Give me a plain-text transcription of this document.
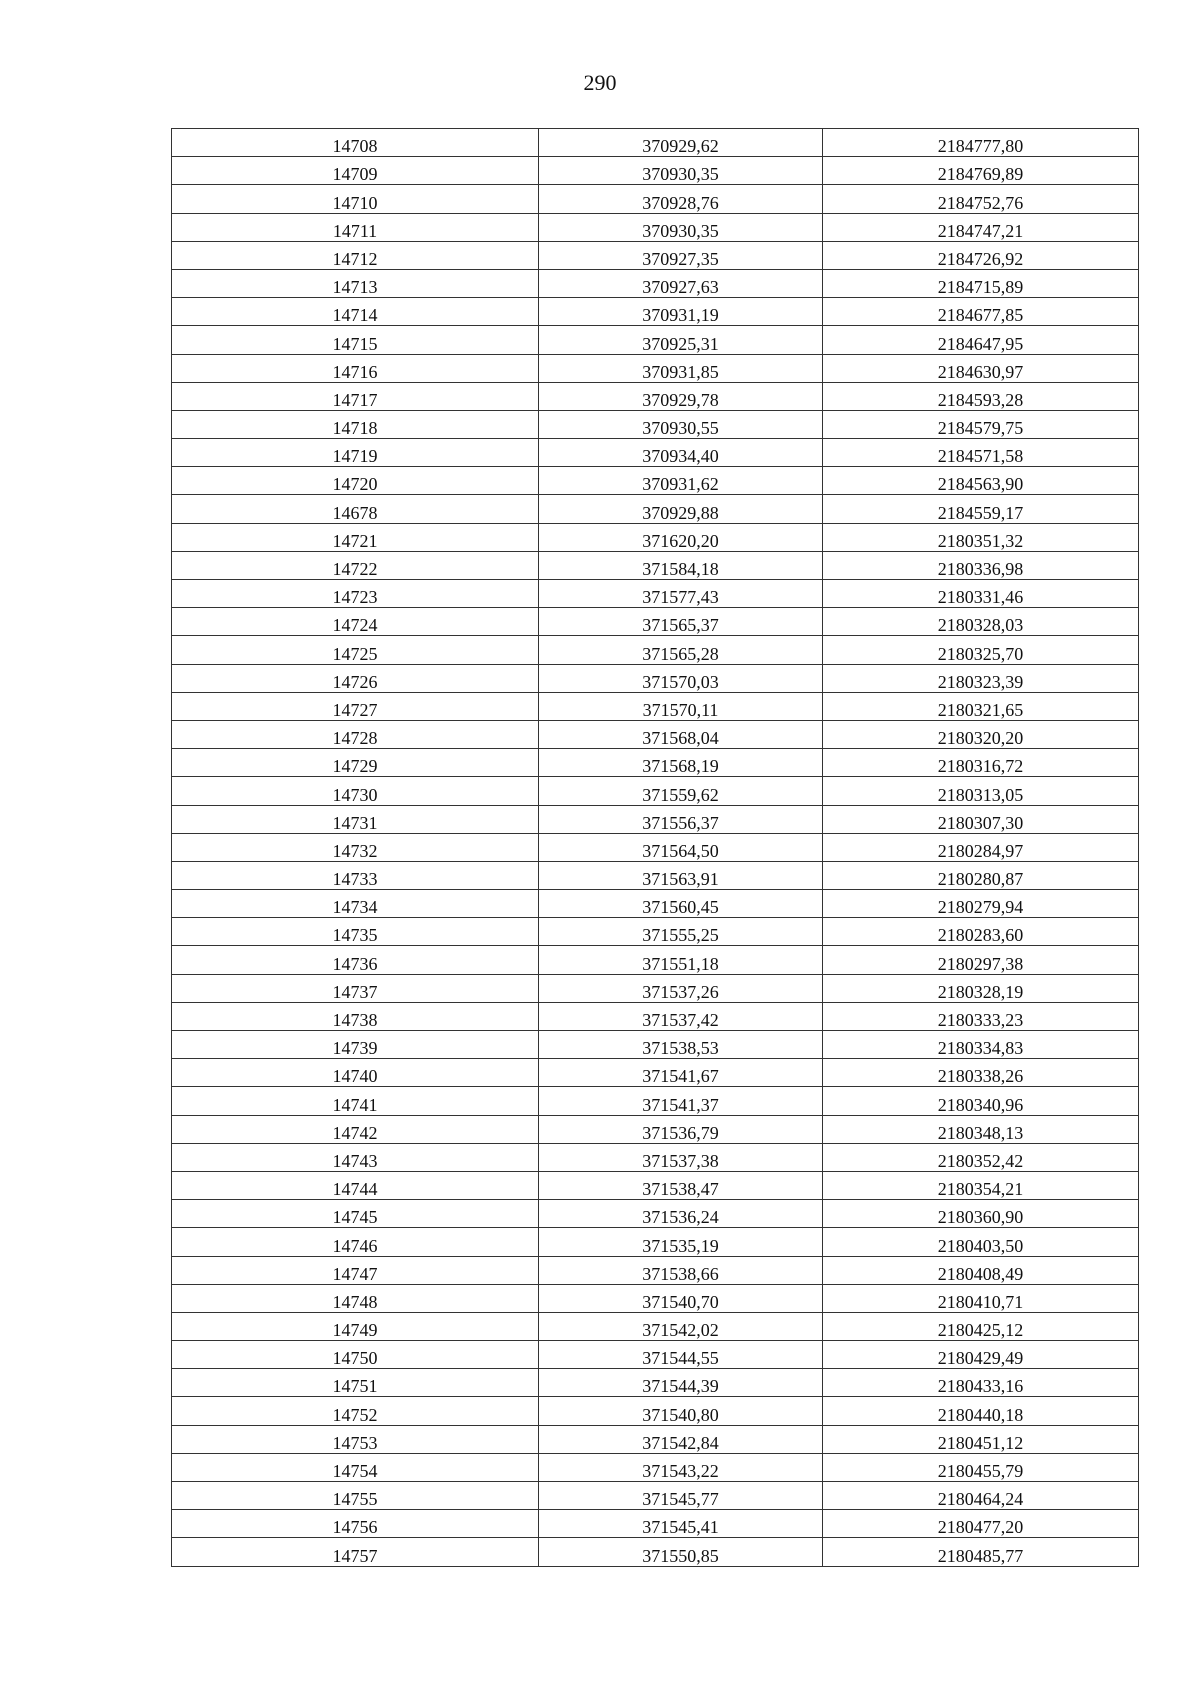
290
14708	370929,62	2184777,80
14709	370930,35	2184769,89
14710	370928,76	2184752,76
14711	370930,35	2184747,21
14712	370927,35	2184726,92
14713	370927,63	2184715,89
14714	370931,19	2184677,85
14715	370925,31	2184647,95
14716	370931,85	2184630,97
14717	370929,78	2184593,28
14718	370930,55	2184579,75
14719	370934,40	2184571,58
14720	370931,62	2184563,90
14678	370929,88	2184559,17
14721	371620,20	2180351,32
14722	371584,18	2180336,98
14723	371577,43	2180331,46
14724	371565,37	2180328,03
14725	371565,28	2180325,70
14726	371570,03	2180323,39
14727	371570,11	2180321,65
14728	371568,04	2180320,20
14729	371568,19	2180316,72
14730	371559,62	2180313,05
14731	371556,37	2180307,30
14732	371564,50	2180284,97
14733	371563,91	2180280,87
14734	371560,45	2180279,94
14735	371555,25	2180283,60
14736	371551,18	2180297,38
14737	371537,26	2180328,19
14738	371537,42	2180333,23
14739	371538,53	2180334,83
14740	371541,67	2180338,26
14741	371541,37	2180340,96
14742	371536,79	2180348,13
14743	371537,38	2180352,42
14744	371538,47	2180354,21
14745	371536,24	2180360,90
14746	371535,19	2180403,50
14747	371538,66	2180408,49
14748	371540,70	2180410,71
14749	371542,02	2180425,12
14750	371544,55	2180429,49
14751	371544,39	2180433,16
14752	371540,80	2180440,18
14753	371542,84	2180451,12
14754	371543,22	2180455,79
14755	371545,77	2180464,24
14756	371545,41	2180477,20
14757	371550,85	2180485,77
